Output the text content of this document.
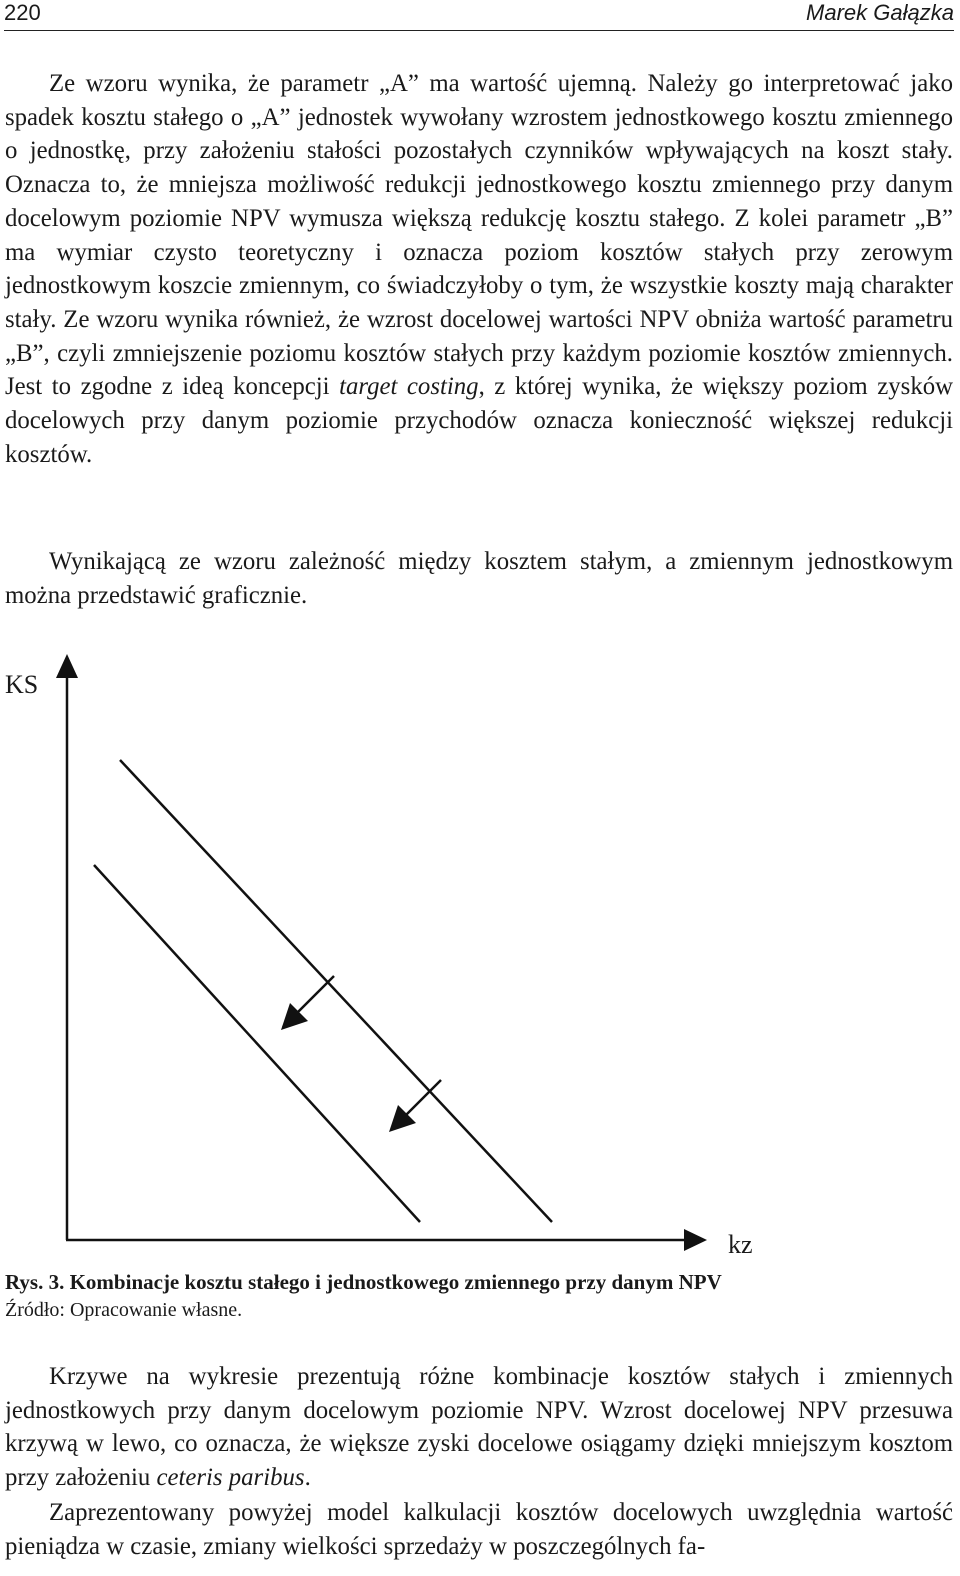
220	Marek Gałązka

Ze wzoru wynika, że parametr „A” ma wartość ujemną. Należy go interpretować jako spadek kosztu stałego o „A” jednostek wywołany wzrostem jednostkowego kosztu zmiennego o jednostkę, przy założeniu stałości pozostałych czynników wpływających na koszt stały. Oznacza to, że mniejsza możliwość redukcji jednostkowego kosztu zmiennego przy danym docelowym poziomie NPV wymusza większą redukcję kosztu stałego. Z kolei parametr „B” ma wymiar czysto teoretyczny i oznacza poziom kosztów stałych przy zerowym jednostkowym koszcie zmiennym, co świadczyłoby o tym, że wszystkie koszty mają charakter stały. Ze wzoru wynika również, że wzrost docelowej wartości NPV obniża wartość parametru „B”, czyli zmniejszenie poziomu kosztów stałych przy każdym poziomie kosztów zmiennych. Jest to zgodne z ideą koncepcji target costing, z której wynika, że większy poziom zysków docelowych przy danym poziomie przychodów oznacza konieczność większej redukcji kosztów.

Wynikającą ze wzoru zależność między kosztem stałym, a zmiennym jednostkowym można przedstawić graficznie.

KS
kz

Rys. 3. Kombinacje kosztu stałego i jednostkowego zmiennego przy danym NPV

Źródło: Opracowanie własne.

Krzywe na wykresie prezentują różne kombinacje kosztów stałych i zmiennych jednostkowych przy danym docelowym poziomie NPV. Wzrost docelowej NPV przesuwa krzywą w lewo, co oznacza, że większe zyski docelowe osiągamy dzięki mniejszym kosztom przy założeniu ceteris paribus.

Zaprezentowany powyżej model kalkulacji kosztów docelowych uwzględnia wartość pieniądza w czasie, zmiany wielkości sprzedaży w poszczególnych fa-
